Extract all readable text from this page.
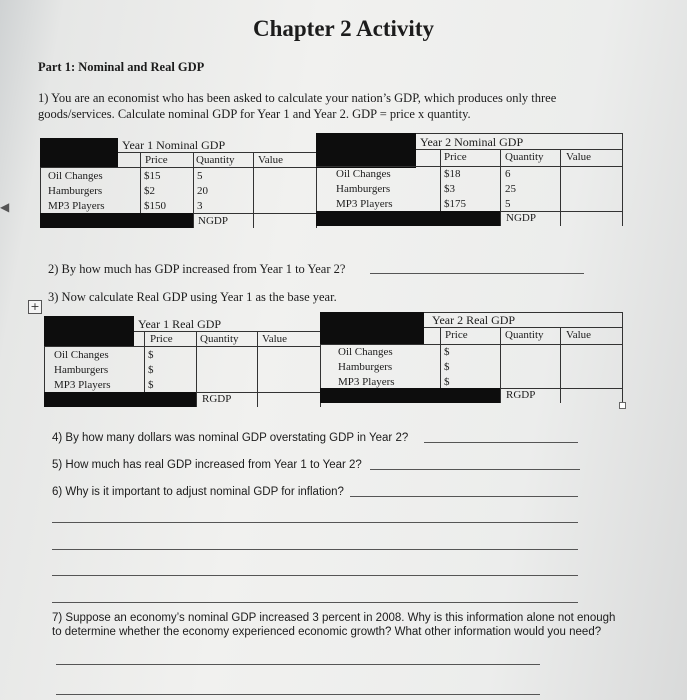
◀
Chapter 2 Activity
Part 1: Nominal and Real GDP
1) You are an economist who has been asked to calculate your nation’s GDP, which produces only three
goods/services. Calculate nominal GDP for Year 1 and Year 2. GDP = price x quantity.
Year 1 Nominal GDP
Price	Quantity Value
Oil Changes	$15	5
Hamburgers	$2	20
MP3 Players	$150	3
NGDP
Year 2 Nominal GDP
Price	Quantity Value
Oil Changes	$18	6
Hamburgers	$3	25
MP3 Players	$175	5
NGDP
2) By how much has GDP increased from Year 1 to Year 2?
+
3) Now calculate Real GDP using Year 1 as the base year.
Year 1 Real GDP
Price Quantity Value
Oil Changes	$
Hamburgers	$
MP3 Players	$
RGDP
Year 2 Real GDP
Price	Quantity Value
Oil Changes	$
Hamburgers	$
MP3 Players	$
RGDP
4) By how many dollars was nominal GDP overstating GDP in Year 2?
5) How much has real GDP increased from Year 1 to Year 2?
6) Why is it important to adjust nominal GDP for inflation?
7) Suppose an economy’s nominal GDP increased 3 percent in 2008. Why is this information alone not enough
to determine whether the economy experienced economic growth? What other information would you need?
